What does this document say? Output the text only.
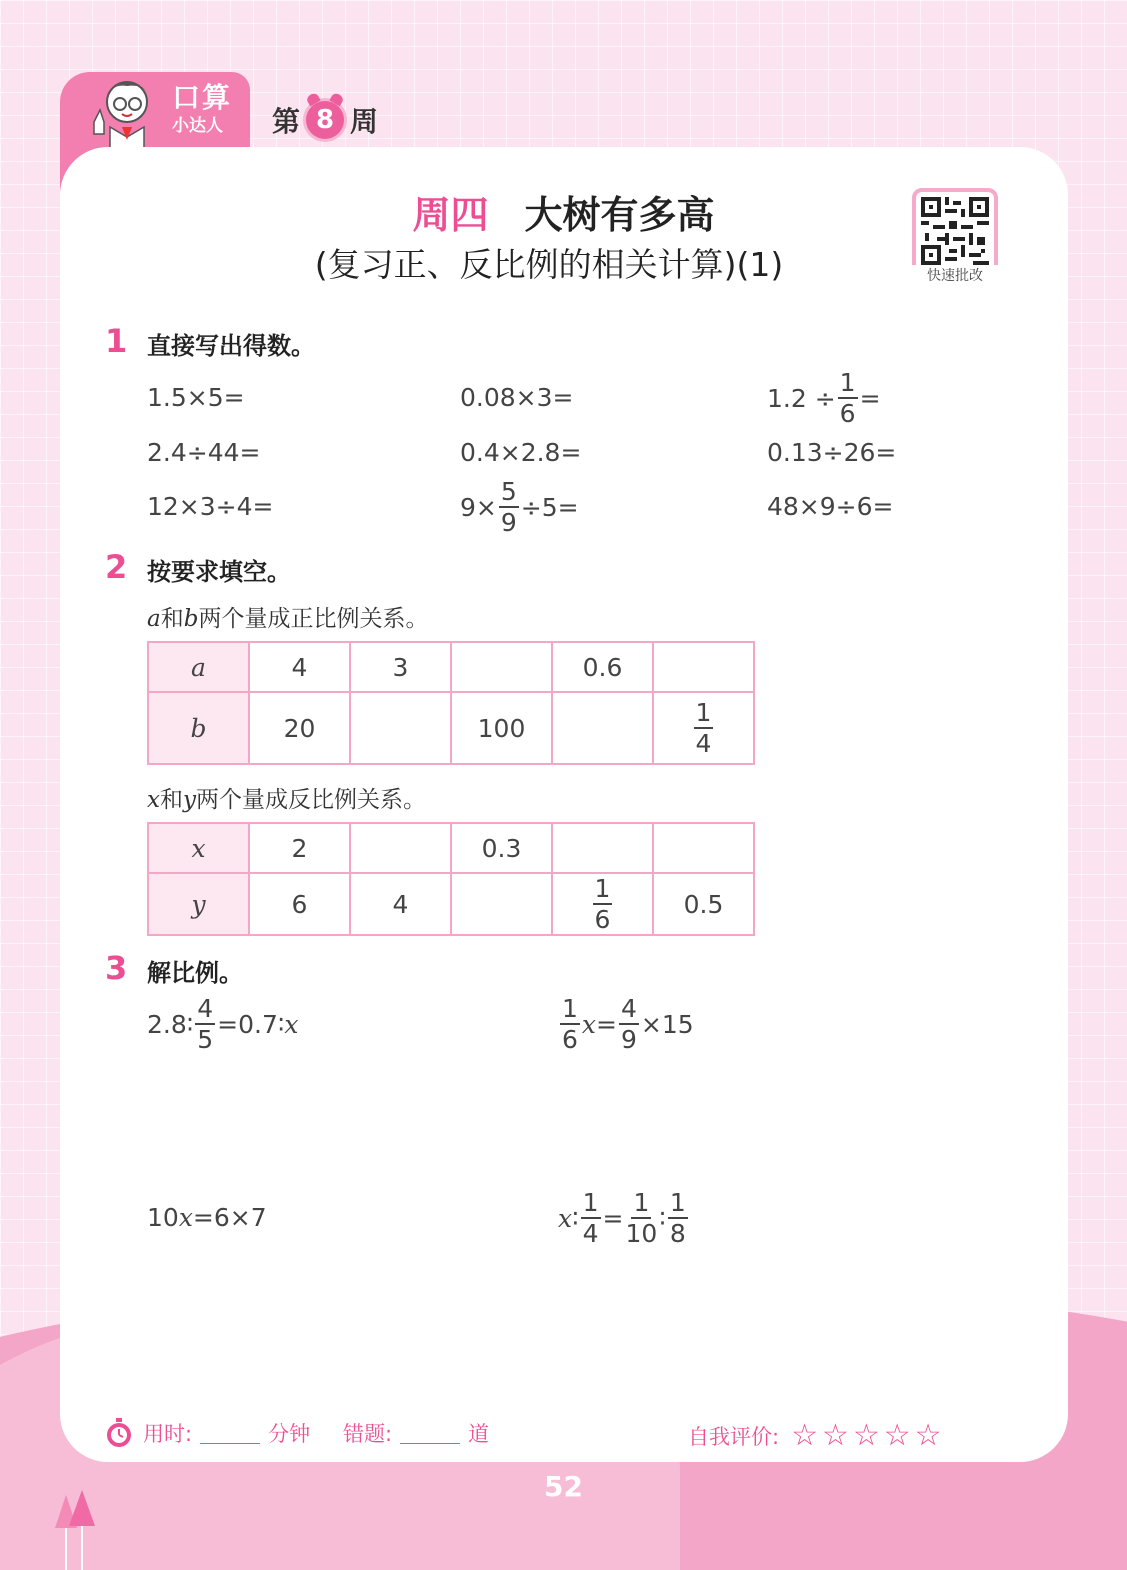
口算
小达人 第 8 周
周四 大树有多高
(复习正、反比例的相关计算)(1)	快速批改
1 直接写出得数。
1.5×5=	0.08×3=	$1.2 \div \frac{1}{6}$ =
2.4÷44=	0.4×2.8=	0.13÷26=
12×3÷4=	$9\times \frac{5}{9} \div 5=$	48×9÷6=
2 按要求填空。
a和b两个量成正比例关系。
a	4	3		0.6	
b	20		100		$\frac{1}{4}$
x和y两个量成反比例关系。
x	2		0.3		
y	6	4		$\frac{1}{6}$	0.5
3 解比例。
2.8∶ $\frac{4}{5}$ =0.7∶ x	$\frac{1}{6}$ $x = \frac{4}{9} \times 15$
10 x =6×7	x ∶ $\frac{1}{4} = \frac{1}{10}$ ∶ $\frac{1}{8}$
用时:	分钟 错题:	道	自我评价: ☆☆☆☆☆
52
